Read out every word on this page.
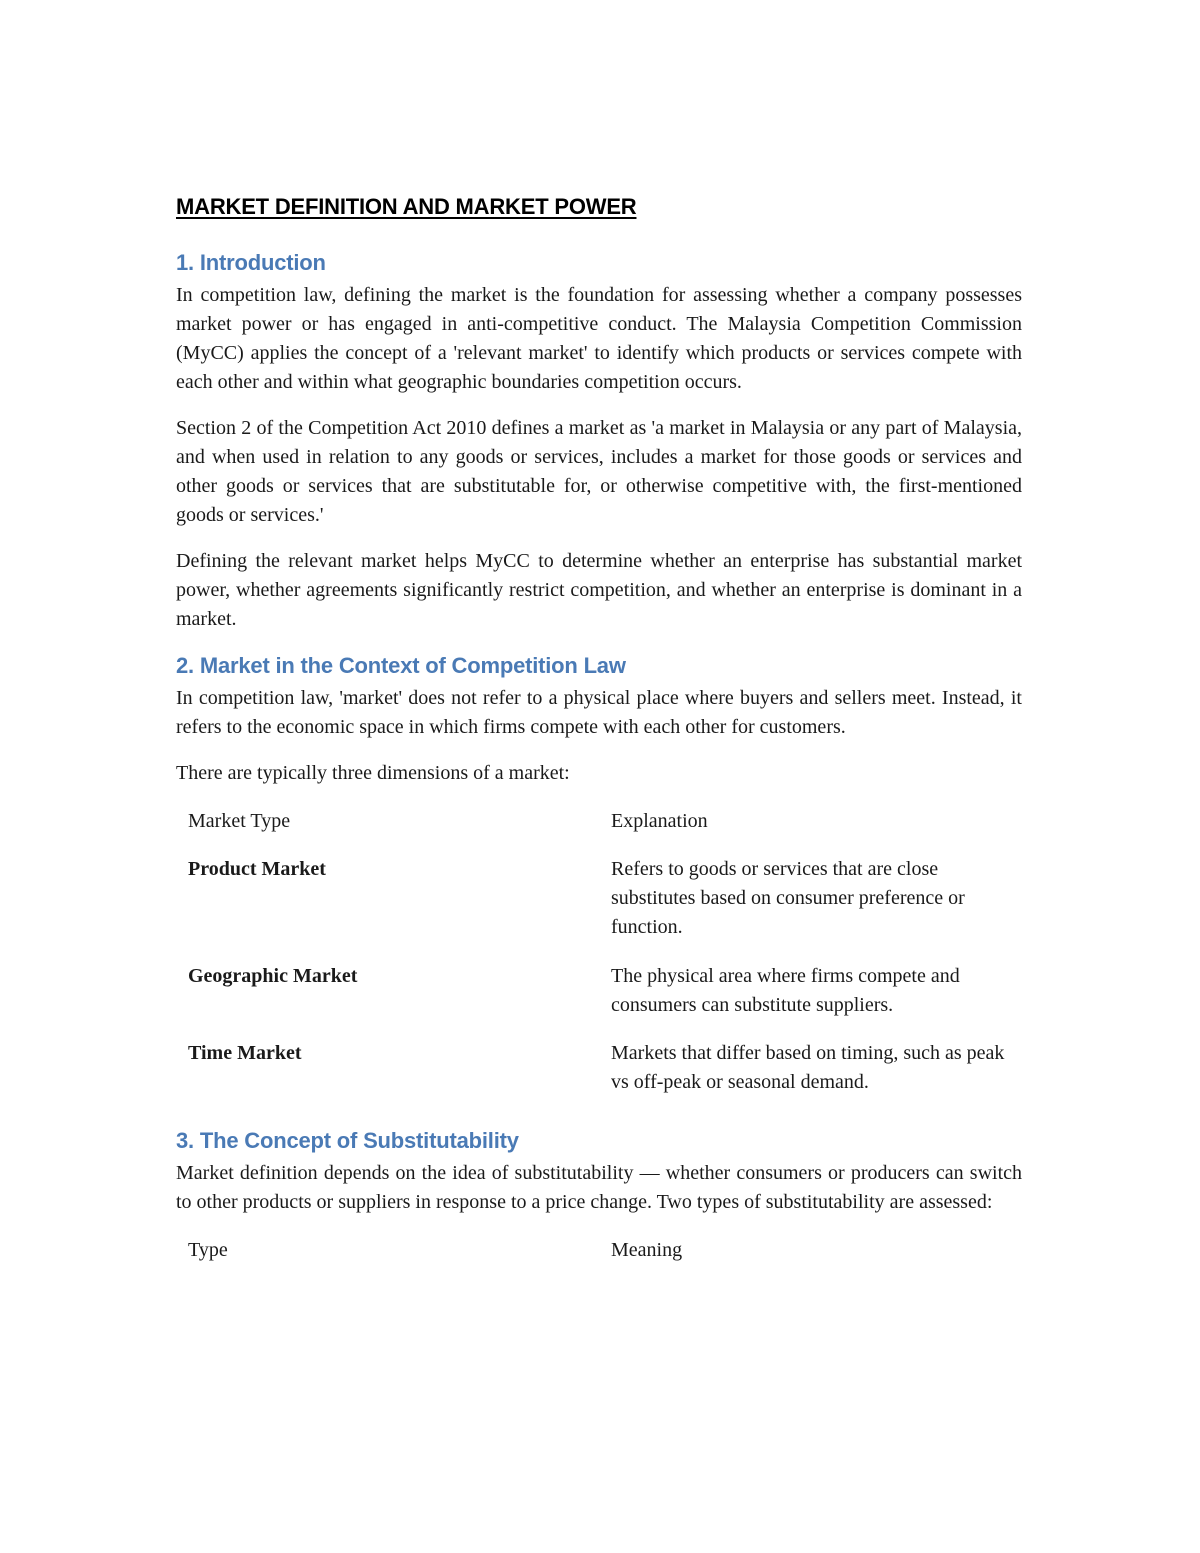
MARKET DEFINITION AND MARKET POWER
1. Introduction

In competition law, defining the market is the foundation for assessing whether a company possesses market power or has engaged in anti-competitive conduct. The Malaysia Competition Commission (MyCC) applies the concept of a 'relevant market' to identify which products or services compete with each other and within what geographic boundaries competition occurs.

Section 2 of the Competition Act 2010 defines a market as 'a market in Malaysia or any part of Malaysia, and when used in relation to any goods or services, includes a market for those goods or services and other goods or services that are substitutable for, or otherwise competitive with, the first-mentioned goods or services.'

Defining the relevant market helps MyCC to determine whether an enterprise has substantial market power, whether agreements significantly restrict competition, and whether an enterprise is dominant in a market.

2. Market in the Context of Competition Law

In competition law, 'market' does not refer to a physical place where buyers and sellers meet. Instead, it refers to the economic space in which firms compete with each other for customers.

There are typically three dimensions of a market:

Market Type	Explanation
Product Market	Refers to goods or services that are close substitutes based on consumer preference or function.
Geographic Market	The physical area where firms compete and consumers can substitute suppliers.
Time Market	Markets that differ based on timing, such as peak vs off-peak or seasonal demand.
3. The Concept of Substitutability

Market definition depends on the idea of substitutability — whether consumers or producers can switch to other products or suppliers in response to a price change. Two types of substitutability are assessed:

Type	Meaning
